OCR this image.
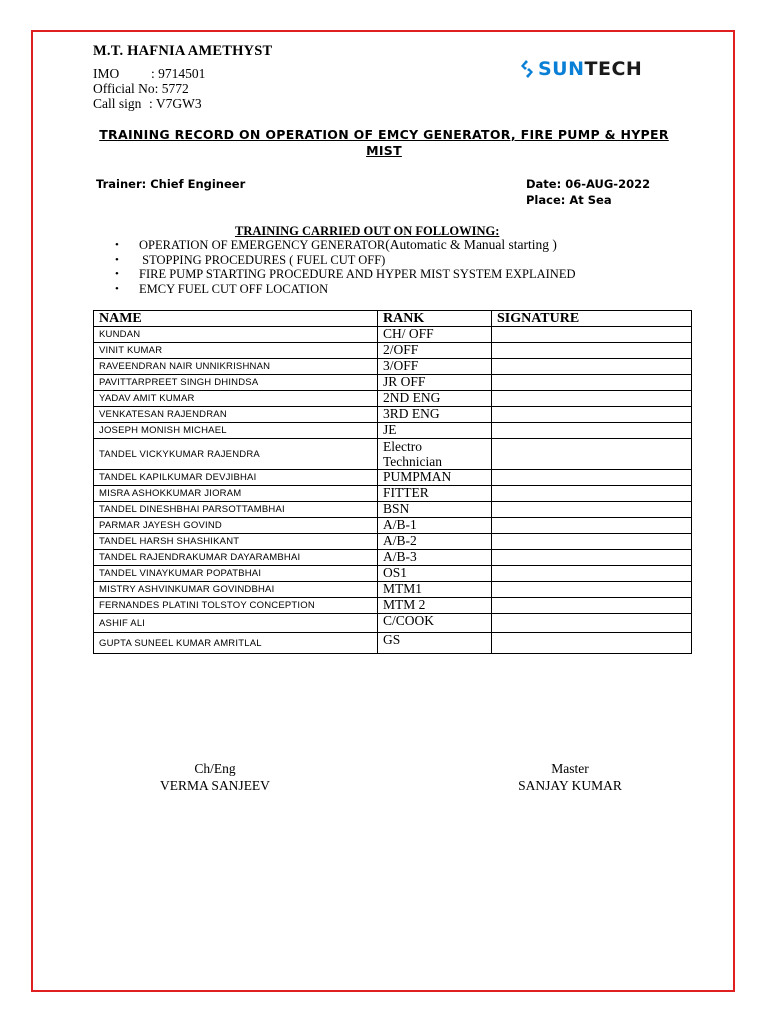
M.T. HAFNIA AMETHYST
IMO : 9714501
Official No: 5772
Call sign : V7GW3
SUNTECH
TRAINING RECORD ON OPERATION OF EMCY GENERATOR, FIRE PUMP & HYPER MIST
Trainer: Chief Engineer	Date: 06-AUG-2022
Place: At Sea
TRAINING CARRIED OUT ON FOLLOWING:
•	OPERATION OF EMERGENCY GENERATOR (Automatic & Manual starting )
•	STOPPING PROCEDURES ( FUEL CUT OFF)
•	FIRE PUMP STARTING PROCEDURE AND HYPER MIST SYSTEM EXPLAINED
•	EMCY FUEL CUT OFF LOCATION
NAME	RANK	SIGNATURE
KUNDAN	CH/ OFF	
VINIT KUMAR	2/OFF	
RAVEENDRAN NAIR UNNIKRISHNAN	3/OFF	
PAVITTARPREET SINGH DHINDSA	JR OFF	
YADAV AMIT KUMAR	2ND ENG	
VENKATESAN RAJENDRAN	3RD ENG	
JOSEPH MONISH MICHAEL	JE	
TANDEL VICKYKUMAR RAJENDRA	Electro Technician	
TANDEL KAPILKUMAR DEVJIBHAI	PUMPMAN	
MISRA ASHOKKUMAR JIORAM	FITTER	
TANDEL DINESHBHAI PARSOTTAMBHAI	BSN	
PARMAR JAYESH GOVIND	A/B-1	
TANDEL HARSH SHASHIKANT	A/B-2	
TANDEL RAJENDRAKUMAR DAYARAMBHAI	A/B-3	
TANDEL VINAYKUMAR POPATBHAI	OS1	
MISTRY ASHVINKUMAR GOVINDBHAI	MTM1	
FERNANDES PLATINI TOLSTOY CONCEPTION	MTM 2	
ASHIF ALI	C/COOK	
GUPTA SUNEEL KUMAR AMRITLAL	GS	
Ch/Eng
VERMA SANJEEV
Master
SANJAY KUMAR
